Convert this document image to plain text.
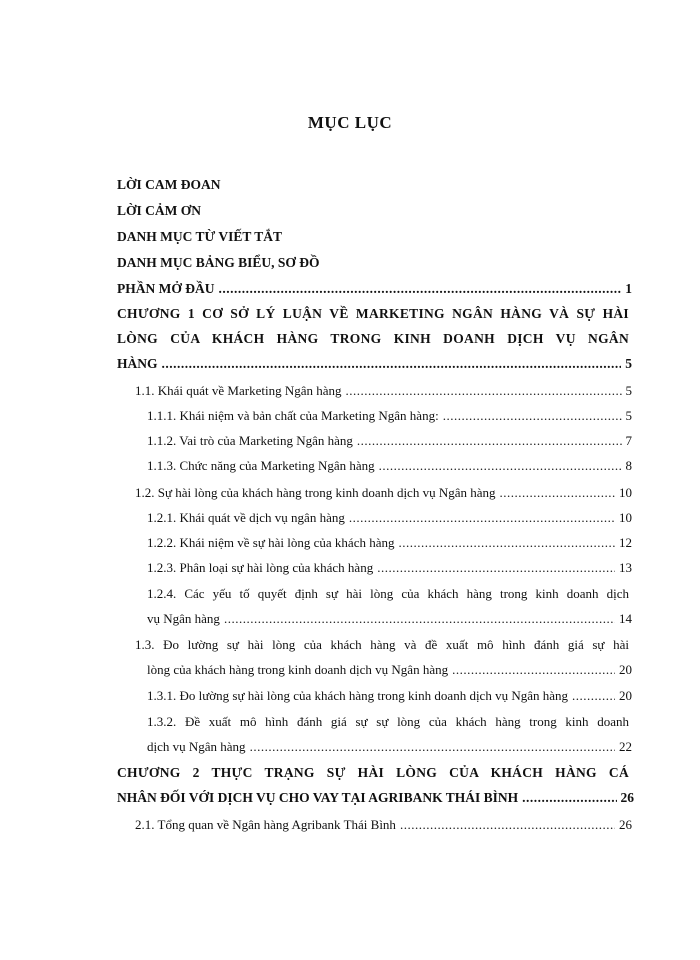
MỤC LỤC
LỜI CAM ĐOAN
LỜI CẢM ƠN
DANH MỤC TỪ VIẾT TẮT
DANH MỤC BẢNG BIỂU, SƠ ĐỒ
PHẦN MỞ ĐẦU .....	1
CHƯƠNG 1 CƠ SỞ LÝ LUẬN VỀ MARKETING NGÂN HÀNG VÀ SỰ HÀI
LÒNG CỦA KHÁCH HÀNG TRONG KINH DOANH DỊCH VỤ NGÂN
HÀNG .....	5
1.1. Khái quát về Marketing Ngân hàng .....	5
1.1.1. Khái niệm và bản chất của Marketing Ngân hàng: .....	5
1.1.2. Vai trò của Marketing Ngân hàng .....	7
1.1.3. Chức năng của Marketing Ngân hàng .....	8
1.2. Sự hài lòng của khách hàng trong kinh doanh dịch vụ Ngân hàng .....	10
1.2.1. Khái quát về dịch vụ ngân hàng .....	10
1.2.2. Khái niệm về sự hài lòng của khách hàng .....	12
1.2.3. Phân loại sự hài lòng của khách hàng .....	13
1.2.4. Các yếu tố quyết định sự hài lòng của khách hàng trong kinh doanh dịch
vụ Ngân hàng .....	14
1.3. Đo lường sự hài lòng của khách hàng và đề xuất mô hình đánh giá sự hài
lòng của khách hàng trong kinh doanh dịch vụ Ngân hàng .....	20
1.3.1. Đo lường sự hài lòng của khách hàng trong kinh doanh dịch vụ Ngân hàng .....	20
1.3.2. Đề xuất mô hình đánh giá sự sự lòng của khách hàng trong kinh doanh
dịch vụ Ngân hàng .....	22
CHƯƠNG 2 THỰC TRẠNG SỰ HÀI LÒNG CỦA KHÁCH HÀNG CÁ
NHÂN ĐỐI VỚI DỊCH VỤ CHO VAY TẠI AGRIBANK THÁI BÌNH .....	26
2.1. Tổng quan về Ngân hàng Agribank Thái Bình .....	26
